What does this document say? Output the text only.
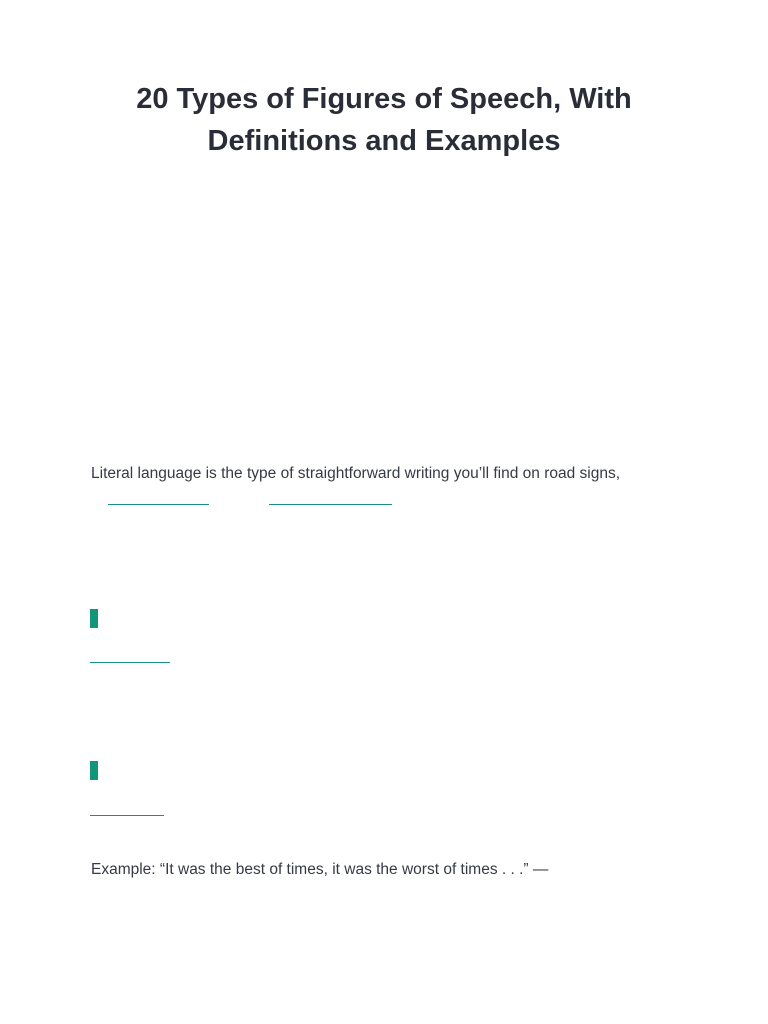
20 Types of Figures of Speech, With Definitions and Examples

Literal language is the type of straightforward writing you’ll find on road signs,

Example: “It was the best of times, it was the worst of times . . .” —
